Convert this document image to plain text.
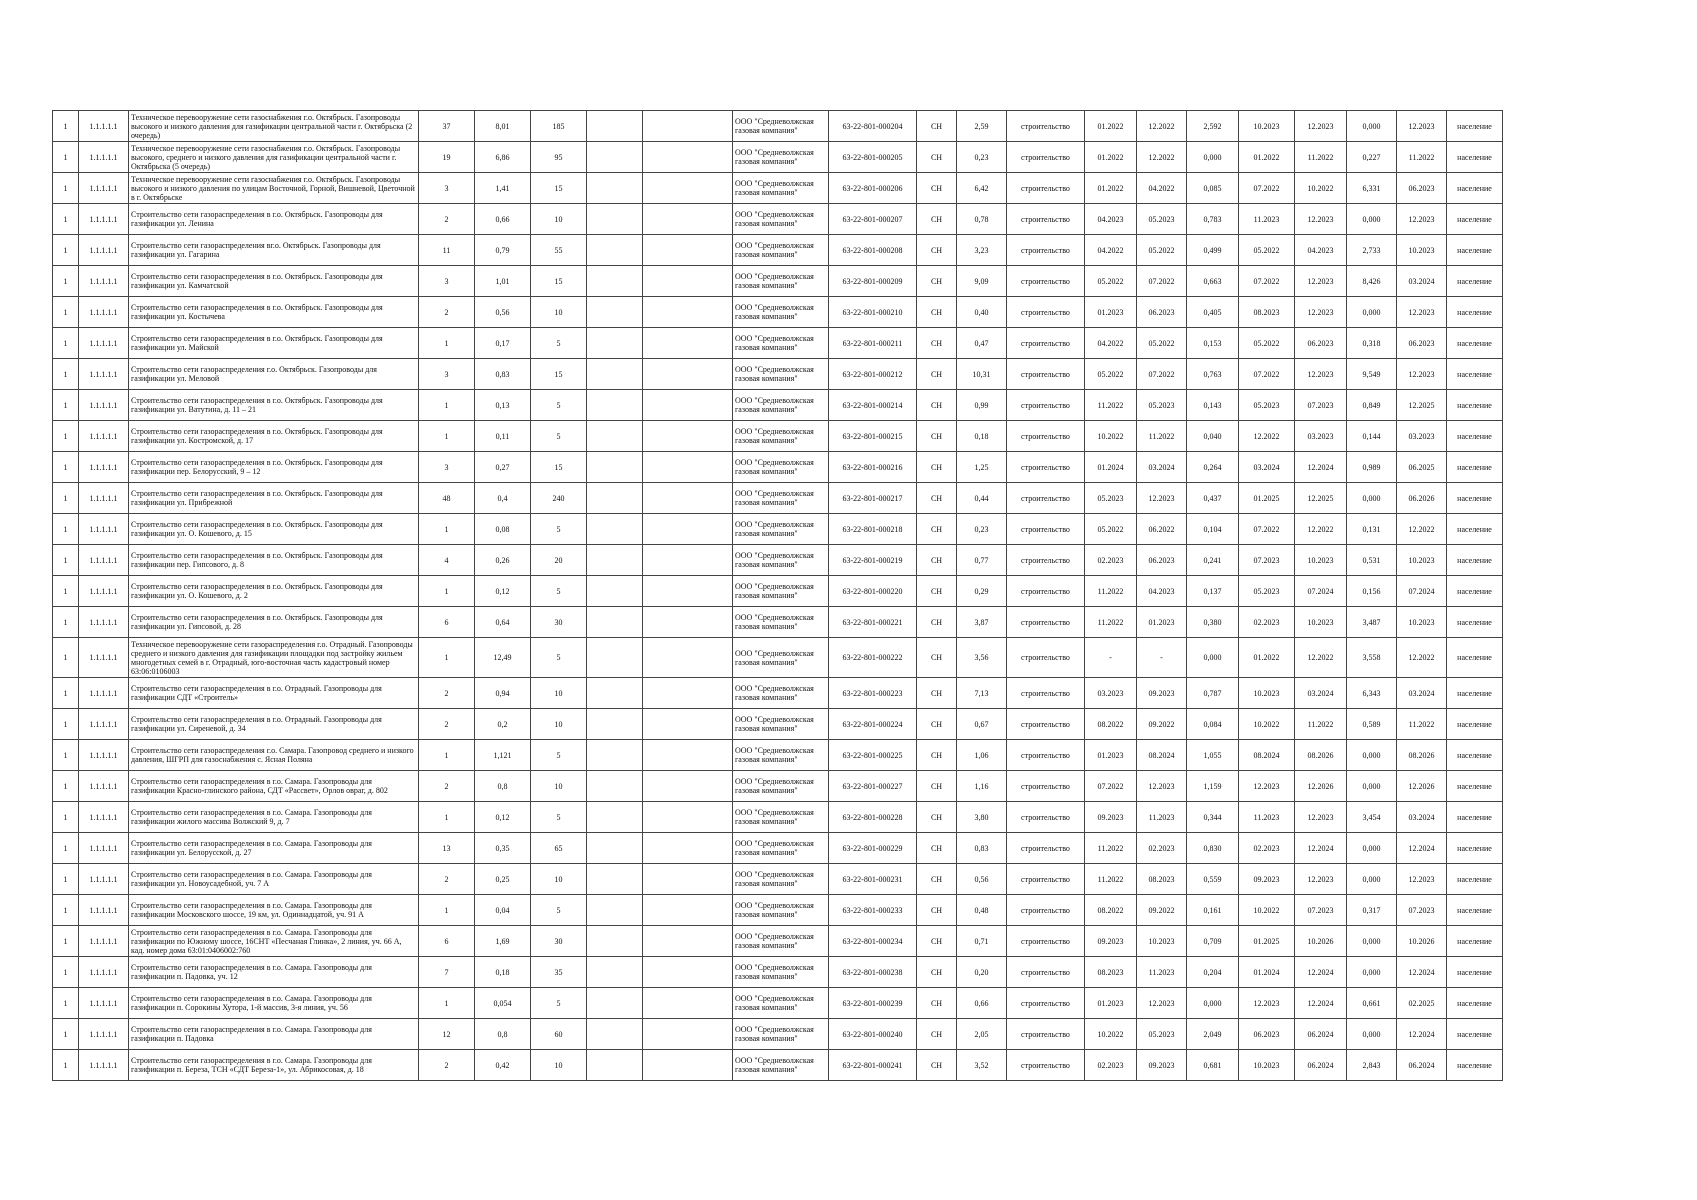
1	1.1.1.1.1	Техническое перевооружение сети газоснабжения г.о. Октябрьск. Газопроводы высокого и низкого давления для газификации центральной части г. Октябрьска (2 очередь)	37	8,01	185			ООО "Средневолжская газовая компания"	63-22-801-000204	СН	2,59	строительство	01.2022	12.2022	2,592	10.2023	12.2023	0,000	12.2023	население
1	1.1.1.1.1	Техническое перевооружение сети газоснабжения г.о. Октябрьск. Газопроводы высокого, среднего и низкого давления для газификации центральной части г. Октябрьска (5 очередь)	19	6,86	95			ООО "Средневолжская газовая компания"	63-22-801-000205	СН	0,23	строительство	01.2022	12.2022	0,000	01.2022	11.2022	0,227	11.2022	население
1	1.1.1.1.1	Техническое перевооружение сети газоснабжения г.о. Октябрьск. Газопроводы высокого и низкого давления по улицам Восточной, Горной, Вишневой, Цветочной в г. Октябрьске	3	1,41	15			ООО "Средневолжская газовая компания"	63-22-801-000206	СН	6,42	строительство	01.2022	04.2022	0,085	07.2022	10.2022	6,331	06.2023	население
1	1.1.1.1.1	Строительство сети газораспределения в г.о. Октябрьск. Газопроводы для газификации ул. Ленина	2	0,66	10			ООО "Средневолжская газовая компания"	63-22-801-000207	СН	0,78	строительство	04.2023	05.2023	0,783	11.2023	12.2023	0,000	12.2023	население
1	1.1.1.1.1	Строительство сети газораспределения вг.о. Октябрьск. Газопроводы для газификации ул. Гагарина	11	0,79	55			ООО "Средневолжская газовая компания"	63-22-801-000208	СН	3,23	строительство	04.2022	05.2022	0,499	05.2022	04.2023	2,733	10.2023	население
1	1.1.1.1.1	Строительство сети газораспределения в г.о. Октябрьск. Газопроводы для газификации ул. Камчатской	3	1,01	15			ООО "Средневолжская газовая компания"	63-22-801-000209	СН	9,09	строительство	05.2022	07.2022	0,663	07.2022	12.2023	8,426	03.2024	население
1	1.1.1.1.1	Строительство сети газораспределения в г.о. Октябрьск. Газопроводы для газификации ул. Костычева	2	0,56	10			ООО "Средневолжская газовая компания"	63-22-801-000210	СН	0,40	строительство	01.2023	06.2023	0,405	08.2023	12.2023	0,000	12.2023	население
1	1.1.1.1.1	Строительство сети газораспределения в г.о. Октябрьск. Газопроводы для газификации ул. Майской	1	0,17	5			ООО "Средневолжская газовая компания"	63-22-801-000211	СН	0,47	строительство	04.2022	05.2022	0,153	05.2022	06.2023	0,318	06.2023	население
1	1.1.1.1.1	Строительство сети газораспределения г.о. Октябрьск. Газопроводы для газификации ул. Меловой	3	0,83	15			ООО "Средневолжская газовая компания"	63-22-801-000212	СН	10,31	строительство	05.2022	07.2022	0,763	07.2022	12.2023	9,549	12.2023	население
1	1.1.1.1.1	Строительство сети газораспределения в г.о. Октябрьск. Газопроводы для газификации ул. Ватутина, д. 11 – 21	1	0,13	5			ООО "Средневолжская газовая компания"	63-22-801-000214	СН	0,99	строительство	11.2022	05.2023	0,143	05.2023	07.2023	0,849	12.2025	население
1	1.1.1.1.1	Строительство сети газораспределения в г.о. Октябрьск. Газопроводы для газификации ул. Костромской, д. 17	1	0,11	5			ООО "Средневолжская газовая компания"	63-22-801-000215	СН	0,18	строительство	10.2022	11.2022	0,040	12.2022	03.2023	0,144	03.2023	население
1	1.1.1.1.1	Строительство сети газораспределения в г.о. Октябрьск. Газопроводы для газификации пер. Белорусский, 9 – 12	3	0,27	15			ООО "Средневолжская газовая компания"	63-22-801-000216	СН	1,25	строительство	01.2024	03.2024	0,264	03.2024	12.2024	0,989	06.2025	население
1	1.1.1.1.1	Строительство сети газораспределения в г.о. Октябрьск. Газопроводы для газификации ул. Прибрежной	48	0,4	240			ООО "Средневолжская газовая компания"	63-22-801-000217	СН	0,44	строительство	05.2023	12.2023	0,437	01.2025	12.2025	0,000	06.2026	население
1	1.1.1.1.1	Строительство сети газораспределения в г.о. Октябрьск. Газопроводы для газификации ул. О. Кошевого, д. 15	1	0,08	5			ООО "Средневолжская газовая компания"	63-22-801-000218	СН	0,23	строительство	05.2022	06.2022	0,104	07.2022	12.2022	0,131	12.2022	население
1	1.1.1.1.1	Строительство сети газораспределения в г.о. Октябрьск. Газопроводы для газификации пер. Гипсового, д. 8	4	0,26	20			ООО "Средневолжская газовая компания"	63-22-801-000219	СН	0,77	строительство	02.2023	06.2023	0,241	07.2023	10.2023	0,531	10.2023	население
1	1.1.1.1.1	Строительство сети газораспределения в г.о. Октябрьск. Газопроводы для газификации ул. О. Кошевого, д. 2	1	0,12	5			ООО "Средневолжская газовая компания"	63-22-801-000220	СН	0,29	строительство	11.2022	04.2023	0,137	05.2023	07.2024	0,156	07.2024	население
1	1.1.1.1.1	Строительство сети газораспределения в г.о. Октябрьск. Газопроводы для газификации ул. Гипсовой, д. 28	6	0,64	30			ООО "Средневолжская газовая компания"	63-22-801-000221	СН	3,87	строительство	11.2022	01.2023	0,380	02.2023	10.2023	3,487	10.2023	население
1	1.1.1.1.1	Техническое перевооружение сети газораспределения г.о. Отрадный. Газопроводы среднего и низкого давления для газификации площадки под застройку жильем многодетных семей в г. Отрадный, юго-восточная часть кадастровый номер 63:06:0106003	1	12,49	5			ООО "Средневолжская газовая компания"	63-22-801-000222	СН	3,56	строительство	-	-	0,000	01.2022	12.2022	3,558	12.2022	население
1	1.1.1.1.1	Строительство сети газораспределения в г.о. Отрадный. Газопроводы для газификации СДТ «Строитель»	2	0,94	10			ООО "Средневолжская газовая компания"	63-22-801-000223	СН	7,13	строительство	03.2023	09.2023	0,787	10.2023	03.2024	6,343	03.2024	население
1	1.1.1.1.1	Строительство сети газораспределения в г.о. Отрадный. Газопроводы для газификации ул. Сиреневой, д. 34	2	0,2	10			ООО "Средневолжская газовая компания"	63-22-801-000224	СН	0,67	строительство	08.2022	09.2022	0,084	10.2022	11.2022	0,589	11.2022	население
1	1.1.1.1.1	Строительство сети газораспределения г.о. Самара. Газопровод среднего и низкого давления, ШГРП для газоснабжения с. Ясная Поляна	1	1,121	5			ООО "Средневолжская газовая компания"	63-22-801-000225	СН	1,06	строительство	01.2023	08.2024	1,055	08.2024	08.2026	0,000	08.2026	население
1	1.1.1.1.1	Строительство сети газораспределения в г.о. Самара. Газопроводы для газификации Красно-глинского района, СДТ «Рассвет», Орлов овраг, д. 802	2	0,8	10			ООО "Средневолжская газовая компания"	63-22-801-000227	СН	1,16	строительство	07.2022	12.2023	1,159	12.2023	12.2026	0,000	12.2026	население
1	1.1.1.1.1	Строительство сети газораспределения в г.о. Самара. Газопроводы для газификации жилого массива Волжский 9, д. 7	1	0,12	5			ООО "Средневолжская газовая компания"	63-22-801-000228	СН	3,80	строительство	09.2023	11.2023	0,344	11.2023	12.2023	3,454	03.2024	население
1	1.1.1.1.1	Строительство сети газораспределения в г.о. Самара. Газопроводы для газификации ул. Белорусской, д. 27	13	0,35	65			ООО "Средневолжская газовая компания"	63-22-801-000229	СН	0,83	строительство	11.2022	02.2023	0,830	02.2023	12.2024	0,000	12.2024	население
1	1.1.1.1.1	Строительство сети газораспределения в г.о. Самара. Газопроводы для газификации ул. Новоусадебной, уч. 7 А	2	0,25	10			ООО "Средневолжская газовая компания"	63-22-801-000231	СН	0,56	строительство	11.2022	08.2023	0,559	09.2023	12.2023	0,000	12.2023	население
1	1.1.1.1.1	Строительство сети газораспределения в г.о. Самара. Газопроводы для газификации Московского шоссе, 19 км, ул. Одиннадцатой, уч. 91 А	1	0,04	5			ООО "Средневолжская газовая компания"	63-22-801-000233	СН	0,48	строительство	08.2022	09.2022	0,161	10.2022	07.2023	0,317	07.2023	население
1	1.1.1.1.1	Строительство сети газораспределения в г.о. Самара. Газопроводы для газификации по Южному шоссе, 16СНТ «Песчаная Глинка», 2 линия, уч. 66 А, кад. номер дома 63:01:0406002:760	6	1,69	30			ООО "Средневолжская газовая компания"	63-22-801-000234	СН	0,71	строительство	09.2023	10.2023	0,709	01.2025	10.2026	0,000	10.2026	население
1	1.1.1.1.1	Строительство сети газораспределения в г.о. Самара. Газопроводы для газификации п. Падовка, уч. 12	7	0,18	35			ООО "Средневолжская газовая компания"	63-22-801-000238	СН	0,20	строительство	08.2023	11.2023	0,204	01.2024	12.2024	0,000	12.2024	население
1	1.1.1.1.1	Строительство сети газораспределения в г.о. Самара. Газопроводы для газификации п. Сорокины Хутора, 1-й массив, 3-я линия, уч. 56	1	0,054	5			ООО "Средневолжская газовая компания"	63-22-801-000239	СН	0,66	строительство	01.2023	12.2023	0,000	12.2023	12.2024	0,661	02.2025	население
1	1.1.1.1.1	Строительство сети газораспределения в г.о. Самара. Газопроводы для газификации п. Падовка	12	0,8	60			ООО "Средневолжская газовая компания"	63-22-801-000240	СН	2,05	строительство	10.2022	05.2023	2,049	06.2023	06.2024	0,000	12.2024	население
1	1.1.1.1.1	Строительство сети газораспределения в г.о. Самара. Газопроводы для газификации п. Береза, ТСН «СДТ Береза-1», ул. Абрикосовая, д. 18	2	0,42	10			ООО "Средневолжская газовая компания"	63-22-801-000241	СН	3,52	строительство	02.2023	09.2023	0,681	10.2023	06.2024	2,843	06.2024	население
